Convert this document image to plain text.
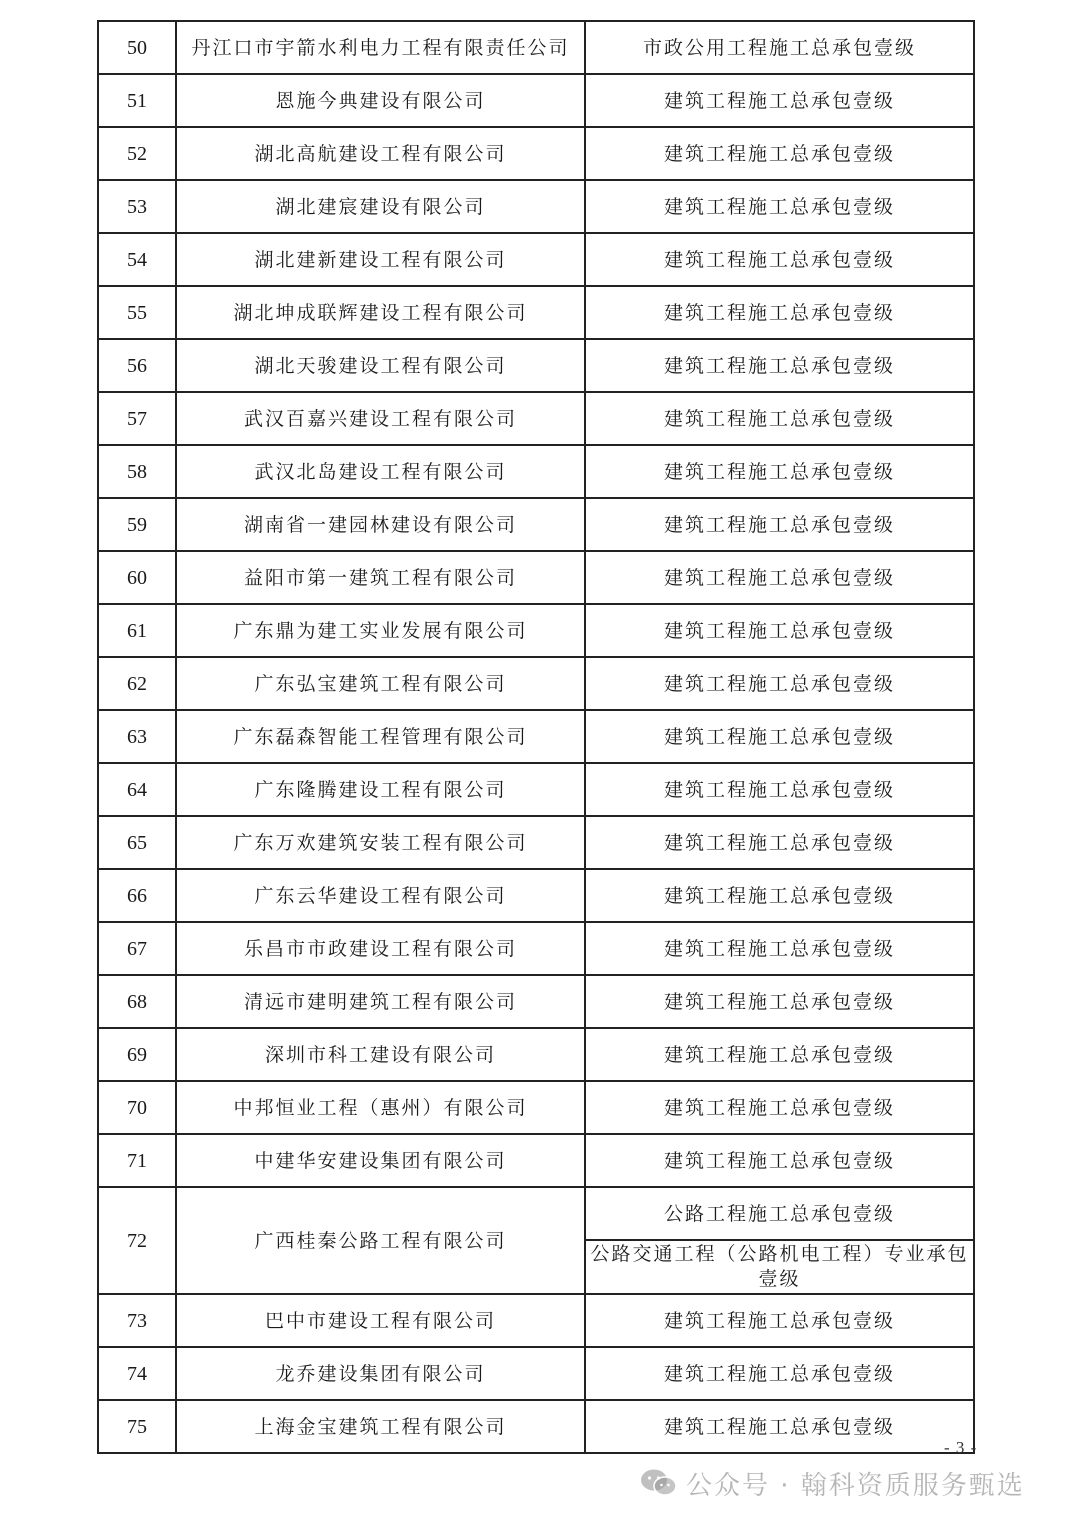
50	丹江口市宇箭水利电力工程有限责任公司	市政公用工程施工总承包壹级
51	恩施今典建设有限公司	建筑工程施工总承包壹级
52	湖北高航建设工程有限公司	建筑工程施工总承包壹级
53	湖北建宸建设有限公司	建筑工程施工总承包壹级
54	湖北建新建设工程有限公司	建筑工程施工总承包壹级
55	湖北坤成联辉建设工程有限公司	建筑工程施工总承包壹级
56	湖北天骏建设工程有限公司	建筑工程施工总承包壹级
57	武汉百嘉兴建设工程有限公司	建筑工程施工总承包壹级
58	武汉北岛建设工程有限公司	建筑工程施工总承包壹级
59	湖南省一建园林建设有限公司	建筑工程施工总承包壹级
60	益阳市第一建筑工程有限公司	建筑工程施工总承包壹级
61	广东鼎为建工实业发展有限公司	建筑工程施工总承包壹级
62	广东弘宝建筑工程有限公司	建筑工程施工总承包壹级
63	广东磊森智能工程管理有限公司	建筑工程施工总承包壹级
64	广东隆腾建设工程有限公司	建筑工程施工总承包壹级
65	广东万欢建筑安装工程有限公司	建筑工程施工总承包壹级
66	广东云华建设工程有限公司	建筑工程施工总承包壹级
67	乐昌市市政建设工程有限公司	建筑工程施工总承包壹级
68	清远市建明建筑工程有限公司	建筑工程施工总承包壹级
69	深圳市科工建设有限公司	建筑工程施工总承包壹级
70	中邦恒业工程（惠州）有限公司	建筑工程施工总承包壹级
71	中建华安建设集团有限公司	建筑工程施工总承包壹级
72	广西桂秦公路工程有限公司	公路工程施工总承包壹级
		公路交通工程（公路机电工程）专业承包壹级
73	巴中市建设工程有限公司	建筑工程施工总承包壹级
74	龙乔建设集团有限公司	建筑工程施工总承包壹级
75	上海金宝建筑工程有限公司	建筑工程施工总承包壹级
- 3 -
公众号 · 翰科资质服务甄选
